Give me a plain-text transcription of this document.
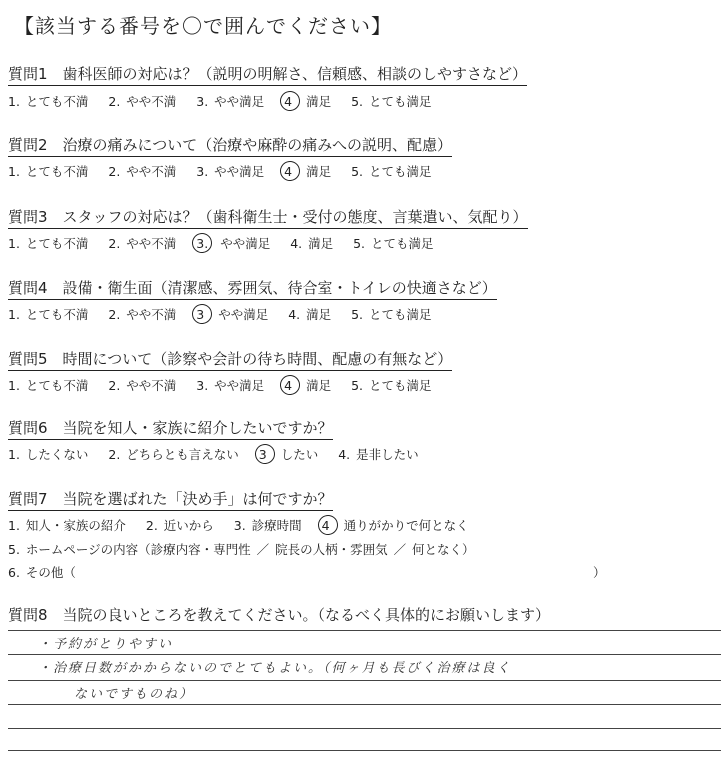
【該当する番号を〇で囲んでください】
質問1　歯科医師の対応は？（説明の明解さ、信頼感、相談のしやすさなど）
1. とても不満 2. やや不満 3. やや満足 4 満足 5. とても満足
質問2　治療の痛みについて（治療や麻酔の痛みへの説明、配慮）
1. とても不満 2. やや不満 3. やや満足 4 満足 5. とても満足
質問3　スタッフの対応は？（歯科衛生士・受付の態度、言葉遣い、気配り）
1. とても不満 2. やや不満 3. やや満足 4. 満足 5. とても満足
質問4　設備・衛生面（清潔感、雰囲気、待合室・トイレの快適さなど）
1. とても不満 2. やや不満 3 やや満足 4. 満足 5. とても満足
質問5　時間について（診察や会計の待ち時間、配慮の有無など）
1. とても不満 2. やや不満 3. やや満足 4 満足 5. とても満足
質問6　当院を知人・家族に紹介したいですか？
1. したくない 2. どちらとも言えない 3 したい 4. 是非したい
質問7　当院を選ばれた「決め手」は何ですか？
1. 知人・家族の紹介 2. 近いから 3. 診療時間 4 通りがかりで何となく
5. ホームページの内容（診療内容・専門性 ／ 院長の人柄・雰囲気 ／ 何となく）
6. その他（	）
質問8　当院の良いところを教えてください。（なるべく具体的にお願いします）
・予約がとりやすい
・治療日数がかからないのでとてもよい。（何ヶ月も長びく治療は良く
ないですものね）
